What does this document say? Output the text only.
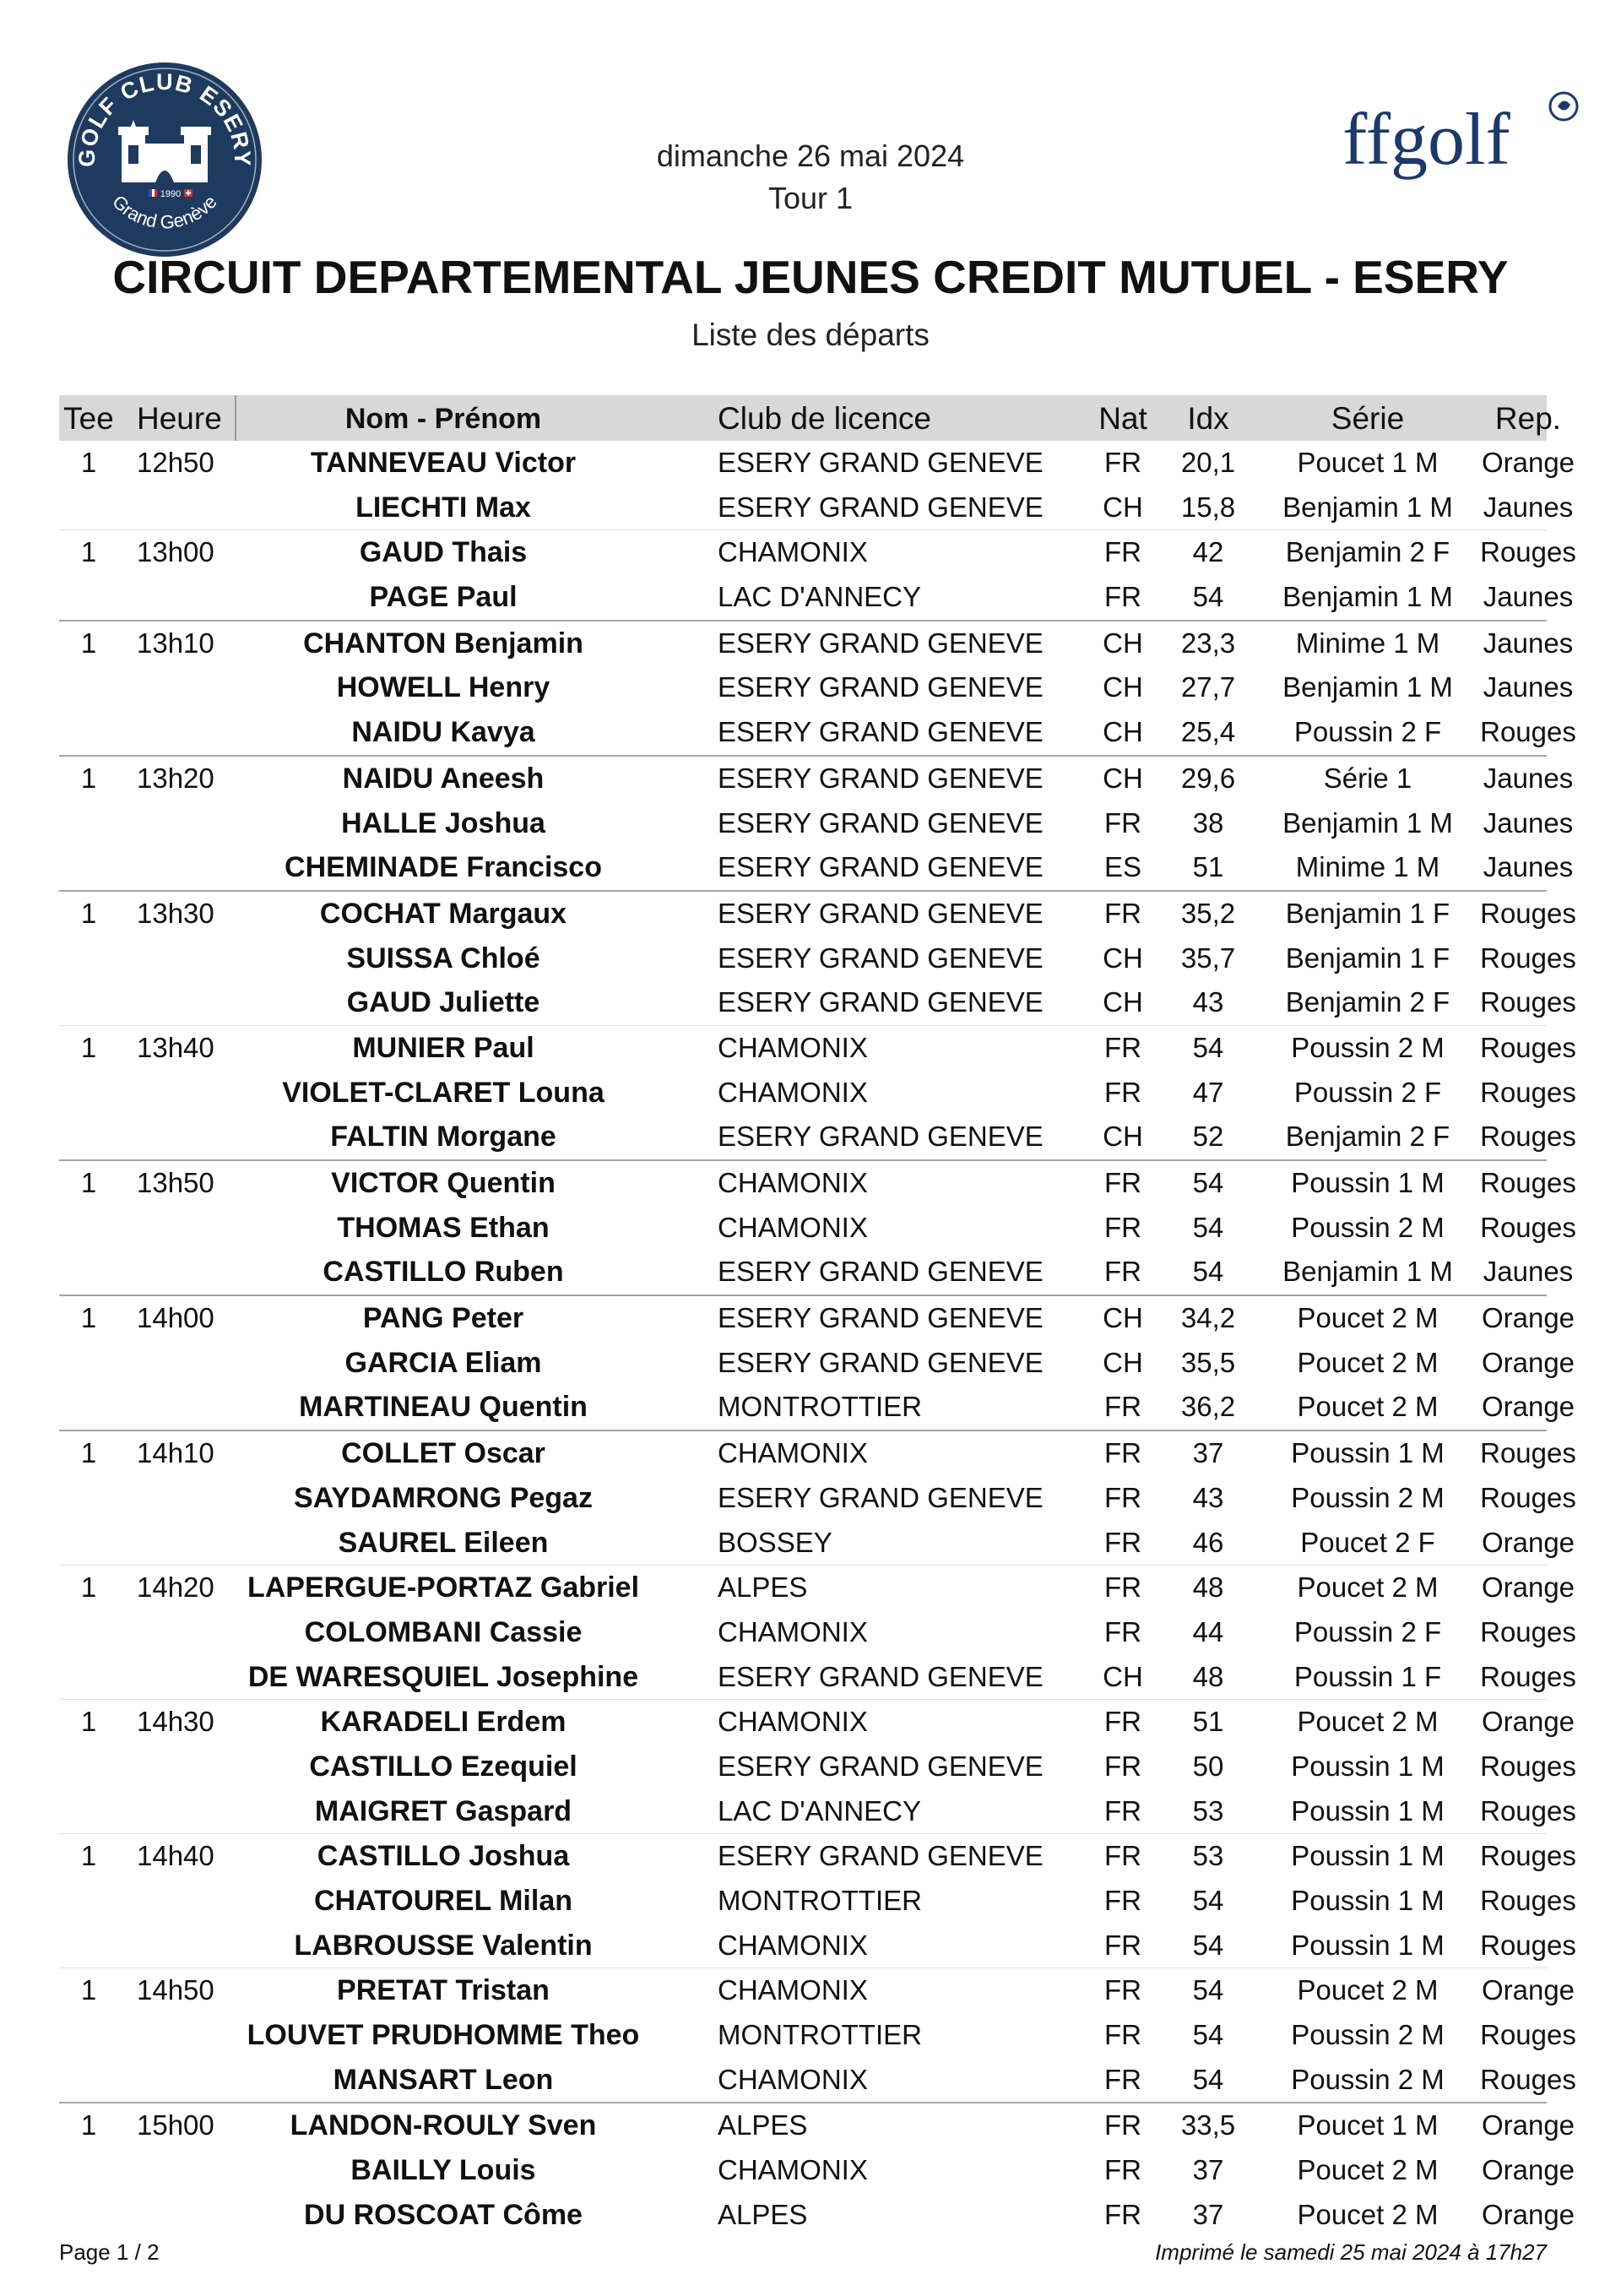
GOLF CLUB ESERY
Grand Genève
1990
ffgolf
dimanche 26 mai 2024
Tour 1
CIRCUIT DEPARTEMENTAL JEUNES CREDIT MUTUEL - ESERY
Liste des départs
Tee Heure	Nom - Prénom	Club de licence	Nat	Idx	Série	Rep.
1	12h50	TANNEVEAU Victor	ESERY GRAND GENEVE	FR	20,1	Poucet 1 M	Orange
LIECHTI Max	ESERY GRAND GENEVE	CH	15,8	Benjamin 1 M	Jaunes
1	13h00	GAUD Thais	CHAMONIX	FR	42	Benjamin 2 F	Rouges
PAGE Paul	LAC D'ANNECY	FR	54	Benjamin 1 M	Jaunes
1	13h10	CHANTON Benjamin	ESERY GRAND GENEVE	CH	23,3	Minime 1 M	Jaunes
HOWELL Henry	ESERY GRAND GENEVE	CH	27,7	Benjamin 1 M	Jaunes
NAIDU Kavya	ESERY GRAND GENEVE	CH	25,4	Poussin 2 F	Rouges
1	13h20	NAIDU Aneesh	ESERY GRAND GENEVE	CH	29,6	Série 1	Jaunes
HALLE Joshua	ESERY GRAND GENEVE	FR	38	Benjamin 1 M	Jaunes
CHEMINADE Francisco	ESERY GRAND GENEVE	ES	51	Minime 1 M	Jaunes
1	13h30	COCHAT Margaux	ESERY GRAND GENEVE	FR	35,2	Benjamin 1 F	Rouges
SUISSA Chloé	ESERY GRAND GENEVE	CH	35,7	Benjamin 1 F	Rouges
GAUD Juliette	ESERY GRAND GENEVE	CH	43	Benjamin 2 F	Rouges
1	13h40	MUNIER Paul	CHAMONIX	FR	54	Poussin 2 M	Rouges
VIOLET-CLARET Louna	CHAMONIX	FR	47	Poussin 2 F	Rouges
FALTIN Morgane	ESERY GRAND GENEVE	CH	52	Benjamin 2 F	Rouges
1	13h50	VICTOR Quentin	CHAMONIX	FR	54	Poussin 1 M	Rouges
THOMAS Ethan	CHAMONIX	FR	54	Poussin 2 M	Rouges
CASTILLO Ruben	ESERY GRAND GENEVE	FR	54	Benjamin 1 M	Jaunes
1	14h00	PANG Peter	ESERY GRAND GENEVE	CH	34,2	Poucet 2 M	Orange
GARCIA Eliam	ESERY GRAND GENEVE	CH	35,5	Poucet 2 M	Orange
MARTINEAU Quentin	MONTROTTIER	FR	36,2	Poucet 2 M	Orange
1	14h10	COLLET Oscar	CHAMONIX	FR	37	Poussin 1 M	Rouges
SAYDAMRONG Pegaz	ESERY GRAND GENEVE	FR	43	Poussin 2 M	Rouges
SAUREL Eileen	BOSSEY	FR	46	Poucet 2 F	Orange
1	14h20	LAPERGUE-PORTAZ Gabriel	ALPES	FR	48	Poucet 2 M	Orange
COLOMBANI Cassie	CHAMONIX	FR	44	Poussin 2 F	Rouges
DE WARESQUIEL Josephine	ESERY GRAND GENEVE	CH	48	Poussin 1 F	Rouges
1	14h30	KARADELI Erdem	CHAMONIX	FR	51	Poucet 2 M	Orange
CASTILLO Ezequiel	ESERY GRAND GENEVE	FR	50	Poussin 1 M	Rouges
MAIGRET Gaspard	LAC D'ANNECY	FR	53	Poussin 1 M	Rouges
1	14h40	CASTILLO Joshua	ESERY GRAND GENEVE	FR	53	Poussin 1 M	Rouges
CHATOUREL Milan	MONTROTTIER	FR	54	Poussin 1 M	Rouges
LABROUSSE Valentin	CHAMONIX	FR	54	Poussin 1 M	Rouges
1	14h50	PRETAT Tristan	CHAMONIX	FR	54	Poucet 2 M	Orange
LOUVET PRUDHOMME Theo	MONTROTTIER	FR	54	Poussin 2 M	Rouges
MANSART Leon	CHAMONIX	FR	54	Poussin 2 M	Rouges
1	15h00	LANDON-ROULY Sven	ALPES	FR	33,5	Poucet 1 M	Orange
BAILLY Louis	CHAMONIX	FR	37	Poucet 2 M	Orange
DU ROSCOAT Côme	ALPES	FR	37	Poucet 2 M	Orange
Page 1 / 2	Imprimé le samedi 25 mai 2024 à 17h27
